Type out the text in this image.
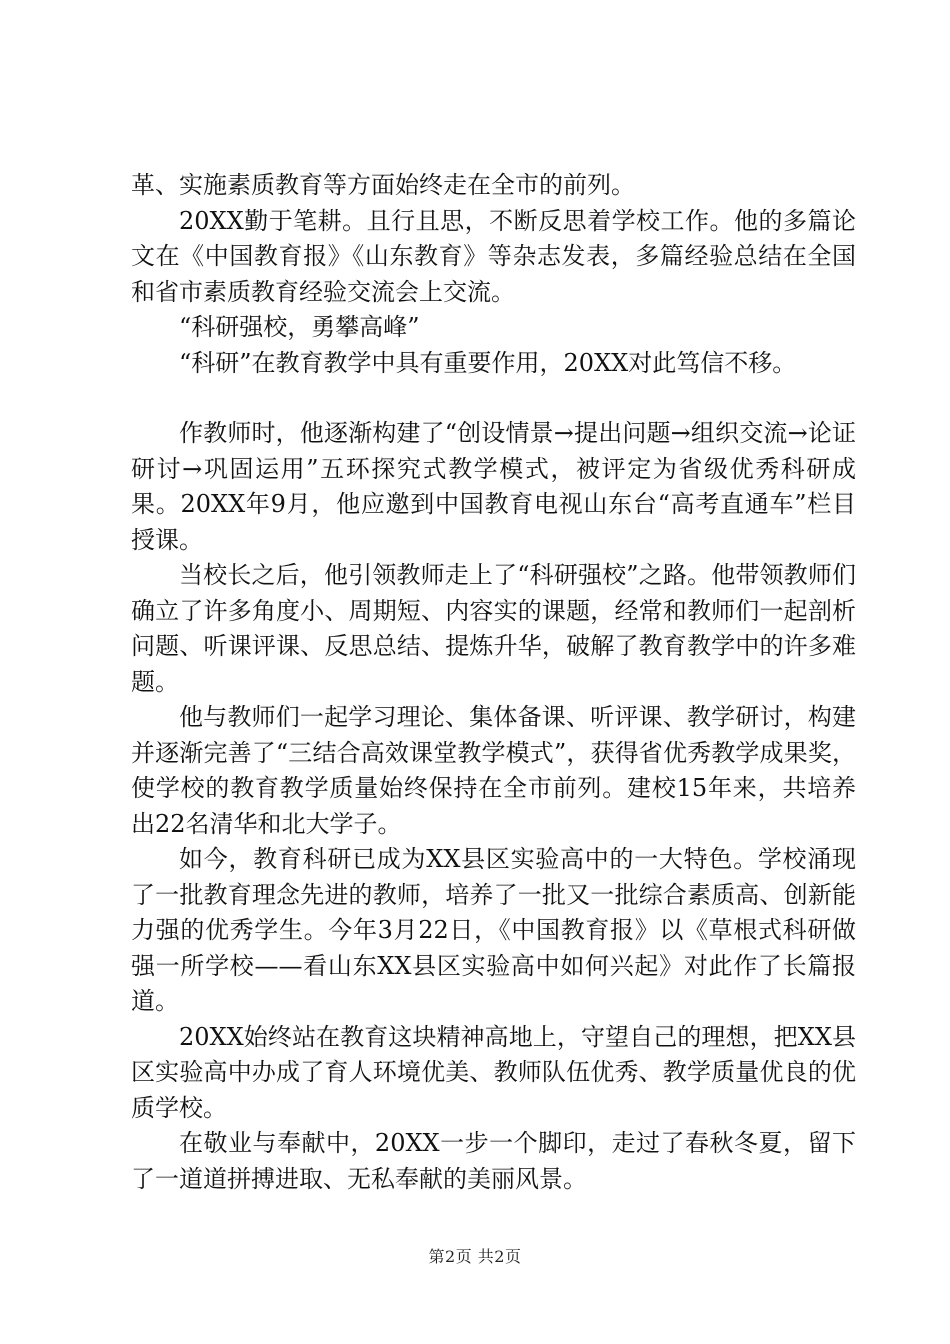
革、实施素质教育等方面始终走在全市的前列。

20XX勤于笔耕。且行且思，不断反思着学校工作。他的多篇论文在《中国教育报》《山东教育》等杂志发表，多篇经验总结在全国和省市素质教育经验交流会上交流。

“科研强校，勇攀高峰”

“科研”在教育教学中具有重要作用，20XX对此笃信不移。

作教师时，他逐渐构建了“创设情景→提出问题→组织交流→论证研讨→巩固运用”五环探究式教学模式，被评定为省级优秀科研成果。20XX年9月，他应邀到中国教育电视山东台“高考直通车”栏目授课。

当校长之后，他引领教师走上了“科研强校”之路。他带领教师们确立了许多角度小、周期短、内容实的课题，经常和教师们一起剖析问题、听课评课、反思总结、提炼升华，破解了教育教学中的许多难题。

他与教师们一起学习理论、集体备课、听评课、教学研讨，构建并逐渐完善了“三结合高效课堂教学模式”，获得省优秀教学成果奖，使学校的教育教学质量始终保持在全市前列。建校15年来，共培养出22名清华和北大学子。

如今，教育科研已成为XX县区实验高中的一大特色。学校涌现了一批教育理念先进的教师，培养了一批又一批综合素质高、创新能力强的优秀学生。今年3月22日，《中国教育报》以《草根式科研做强一所学校——看山东XX县区实验高中如何兴起》对此作了长篇报道。

20XX始终站在教育这块精神高地上，守望自己的理想，把XX县区实验高中办成了育人环境优美、教师队伍优秀、教学质量优良的优质学校。

在敬业与奉献中，20XX一步一个脚印，走过了春秋冬夏，留下了一道道拼搏进取、无私奉献的美丽风景。

第2页 共2页
